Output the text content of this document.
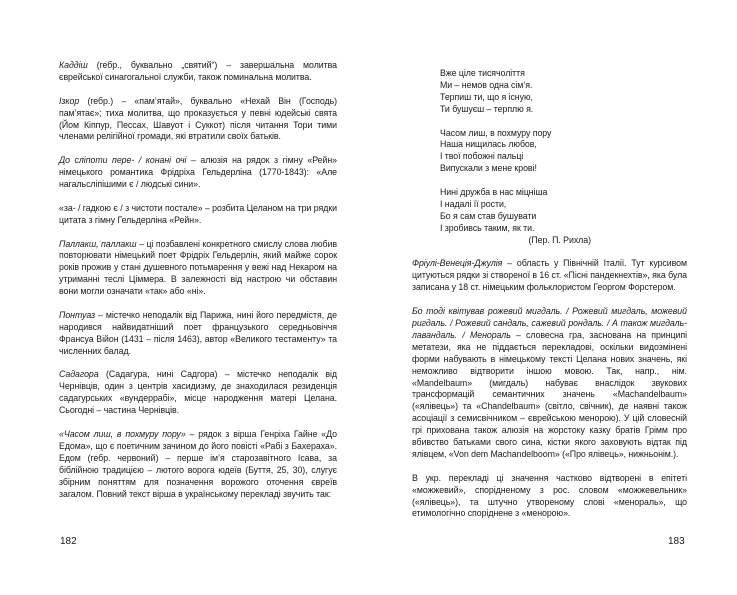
Каддіш (гебр., буквально „святий“) – завершальна молитва єврейської синагогальної служби, також поминальна молитва.

Ізкор (гебр.) – «пам’ятай», буквально «Нехай Він (Господь) пам’ятає»; тиха молитва, що проказується у певні юдейські свята (Йом Кіппур, Пессах, Шавуот і Суккот) після читання Тори тими членами релігійної громади, які втратили своїх батьків.

До сліпоти пере- / конані очі – алюзія на рядок з гімну «Рейн» німецького романтика Фрідріха Гельдерліна (1770-1843): «Але нагальсліпішими є / людські сини».

«за- / гадкою є / з чистоти постале» – розбита Целаном на три рядки цитата з гімну Гельдерліна «Рейн».

Паллакш, паллакш – ці позбавлені конкретного смислу слова любив повторювати німецький поет Фрідріх Гельдерлін, який майже сорок років прожив у стані душевного потьмарення у вежі над Некаром на утриманні теслі Ціммера. В залежності від настрою чи обставин вони могли означати «так» або «ні».

Понтуаз – містечко неподалік від Парижа, нині його передмістя, де народився найвидатніший поет французького середньовіччя Франсуа Війон (1431 – після 1463), автор «Великого тестаменту» та численних балад.

Садагора (Садагура, нині Садгора) – містечко неподалік від Чернівців, один з центрів хасидизму, де знаходилася резиденція садагурських «вундеррабі», місце народження матері Целана. Сьогодні – частина Чернівців.

«Часом лиш, в похмуру пору» – рядок з вірша Генріха Гайне «До Едома», що є поетичним зачином до його повісті «Рабі з Бахераха». Едом (гебр. червоний) – перше ім’я старозавітного Ісава, за біблійною традицією – лютого ворога юдеїв (Буття, 25, 30), слугує збірним поняттям для позначення ворожого оточення євреїв загалом. Повний текст вірша в українському перекладі звучить так:

182
Вже ціле тисячоліття
Ми – немов одна сім’я.
Терпиш ти, що я існую,
Ти бушуєш – терплю я.
Часом лиш, в похмуру пору
Наша нищилась любов,
І твої побожні пальці
Випускали з мене крові!
Нині дружба в нас міцніша
І надалі її рости,
Бо я сам став бушувати
І зробивсь таким, як ти.
(Пер. П. Рихла)

Фріулі-Венеція-Джулія – область у Північній Італії. Тут курсивом цитуються рядки зі створеної в 16 ст. «Пісні пандекнехтів», яка була записана у 18 ст. німецьким фольклористом Георгом Форстером.

Бо тоді квітував рожевий мигдаль. / Рожевий мигдаль, можевий ригдаль. / Рожевий сандаль, сажевий рондаль. / А також мигдаль-лавандаль. / Менораль – словесна гра, заснована на принципі метатези, яка не піддається перекладові, оскільки видозмінені форми набувають в німецькому тексті Целана нових значень, які неможливо відтворити іншою мовою. Так, напр., нім. «Mandelbaum» (мигдаль) набуває внаслідок звукових трансформацій семантичних значень «Machandelbaum» («ялівець») та «Chandelbaum» (світло, свічник), де наявні також асоціації з семисвічником – єврейською менорою). У цій словесній грі прихована також алюзія на жорстоку казку братів Грімм про вбивство батьками свого сина, кістки якого заховують відтак під ялівцем, «Von dem Machandelboom» («Про ялівець», нижньонім.).

В укр. перекладі ці значення частково відтворені в епітеті «можжевий», спорідненому з рос. словом «можжевельник» («ялівець»), та штучно утвореному слові «менораль», що етимологічно споріднене з «менорою».

183
